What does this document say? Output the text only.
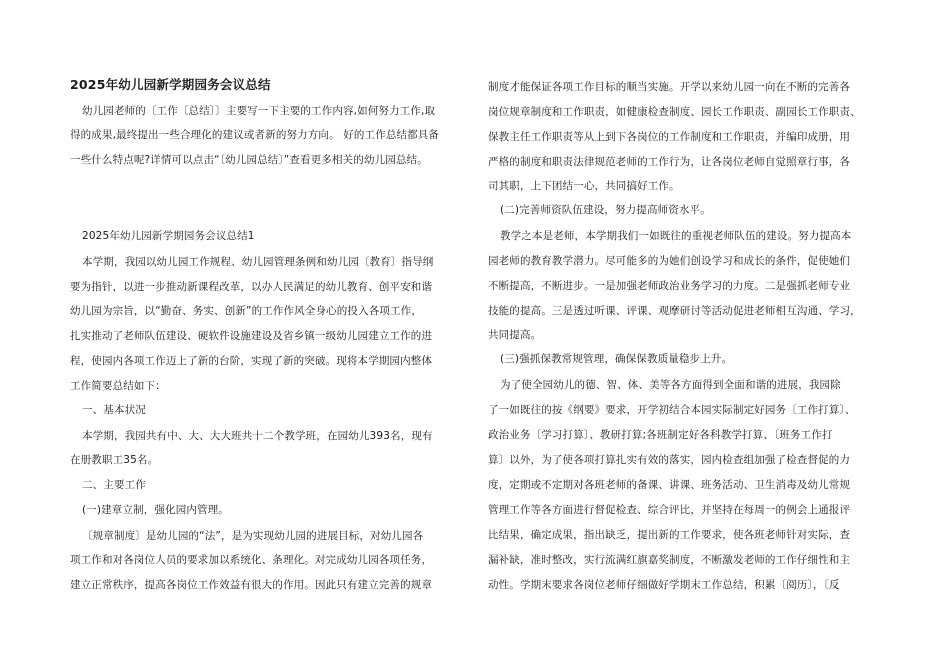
2025年幼儿园新学期园务会议总结
幼儿园老师的〔工作〔总结〕〕主要写一下主要的工作内容,如何努力工作,取
得的成果,最终提出一些合理化的建议或者新的努力方向。 好的工作总结都具备
一些什么特点呢?详情可以点击“〔幼儿园总结〕”查看更多相关的幼儿园总结。
2025年幼儿园新学期园务会议总结1
本学期，我园以幼儿园工作规程、幼儿园管理条例和幼儿园〔教育〕指导纲
要为指针，以进一步推动新课程改革，以办人民满足的幼儿教育、创平安和谐
幼儿园为宗旨，以“勤奋、务实、创新”的工作作风全身心的投入各项工作，
扎实推动了老师队伍建设、硬软件设施建设及省乡镇一级幼儿园建立工作的进
程，使园内各项工作迈上了新的台阶，实现了新的突破。现将本学期园内整体
工作简要总结如下：
一、基本状况
本学期，我园共有中、大、大大班共十二个教学班，在园幼儿393名，现有
在册教职工35名。
二、主要工作
(一)建章立制，强化园内管理。
〔规章制度〕是幼儿园的“法”，是为实现幼儿园的进展目标，对幼儿园各
项工作和对各岗位人员的要求加以系统化、条理化。对完成幼儿园各项任务，
建立正常秩序，提高各岗位工作效益有很大的作用。因此只有建立完善的规章
制度才能保证各项工作目标的顺当实施。开学以来幼儿园一向在不断的完善各
岗位规章制度和工作职责，如健康检查制度、园长工作职责、副园长工作职责、
保教主任工作职责等从上到下各岗位的工作制度和工作职责，并编印成册，用
严格的制度和职责法律规范老师的工作行为，让各岗位老师自觉照章行事，各
司其职，上下团结一心，共同搞好工作。
(二)完善师资队伍建设，努力提高师资水平。
教学之本是老师，本学期我们一如既往的重视老师队伍的建设。努力提高本
园老师的教育教学潜力。尽可能多的为她们创设学习和成长的条件，促使她们
不断提高，不断进步。一是加强老师政治业务学习的力度。二是强抓老师专业
技能的提高。三是透过听课、评课、观摩研讨等活动促进老师相互沟通、学习，
共同提高。
(三)强抓保教常规管理，确保保教质量稳步上升。
为了使全园幼儿的德、智、体、美等各方面得到全面和谐的进展，我园除
了一如既往的按《纲要》要求，开学初结合本园实际制定好园务〔工作打算〕、
政治业务〔学习打算〕、教研打算;各班制定好各科教学打算、〔班务工作打
算〕以外，为了使各项打算扎实有效的落实，园内检查组加强了检查督促的力
度，定期或不定期对各班老师的备课、讲课、班务活动、卫生消毒及幼儿常规
管理工作等各方面进行督促检查、综合评比，并坚持在每周一的例会上通报评
比结果，确定成果，指出缺乏，提出新的工作要求，使各班老师针对实际，查
漏补缺，准时整改，实行流满红旗嘉奖制度，不断激发老师的工作仔细性和主
动性。学期末要求各岗位老师仔细做好学期末工作总结，积累〔阅历〕，〔反
